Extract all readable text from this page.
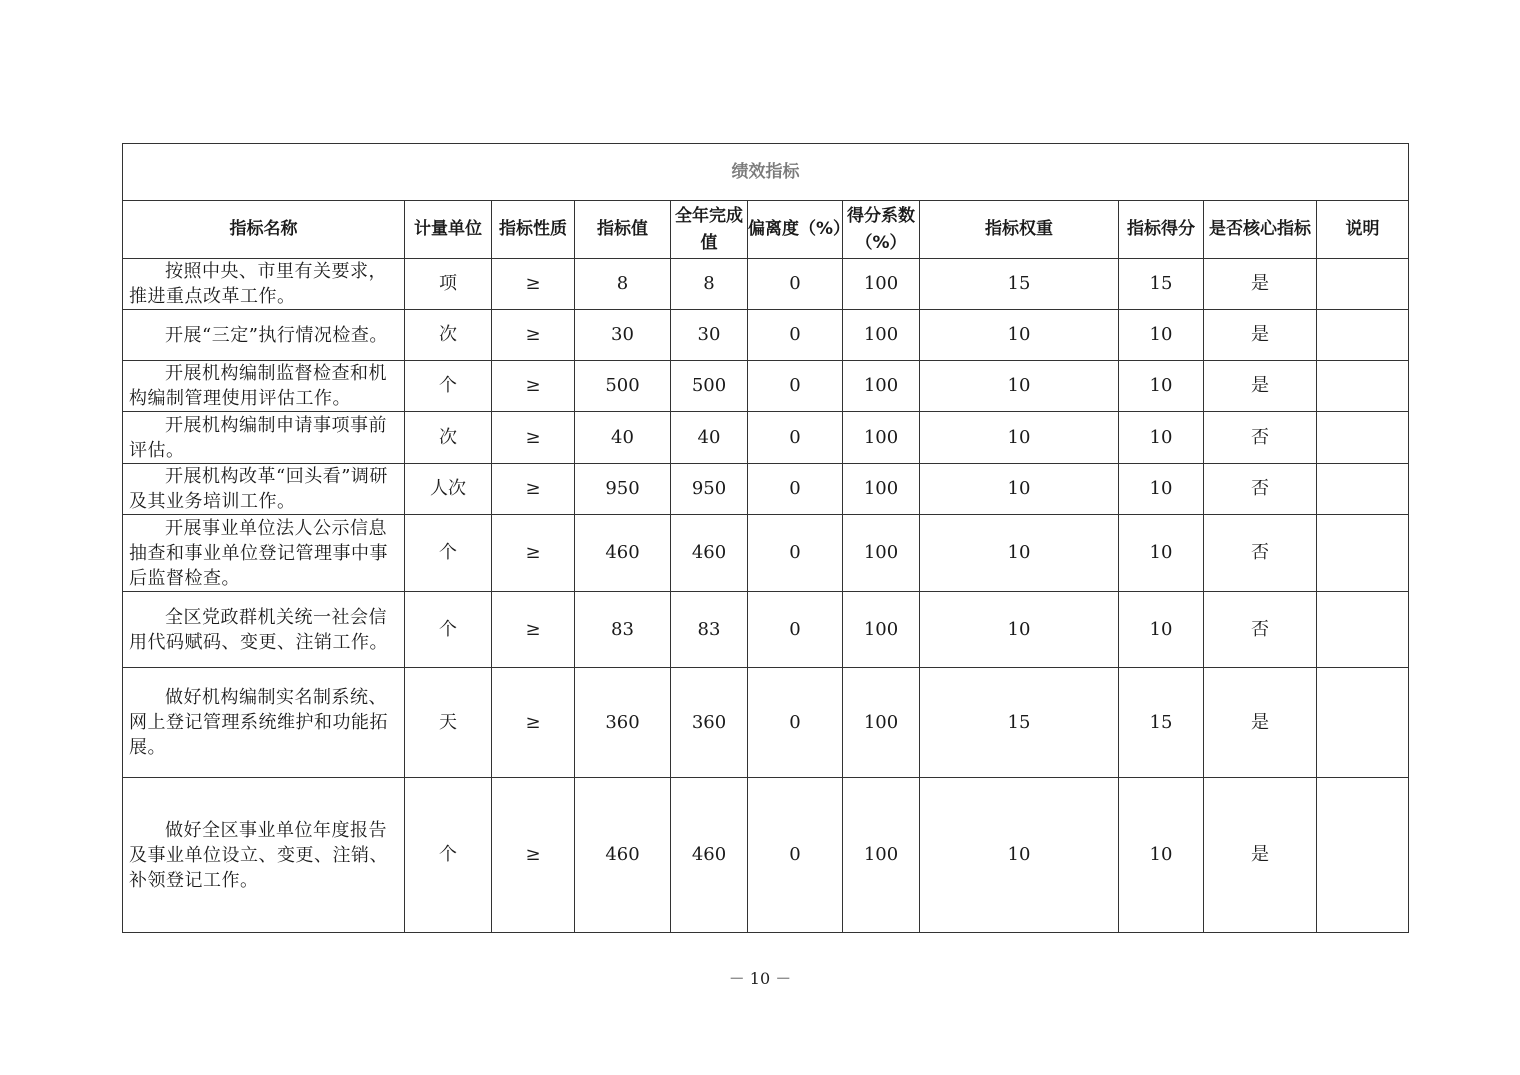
绩效指标										
指标名称	计量单位	指标性质	指标值	全年完成值	偏离度（%）	得分系数（%）	指标权重	指标得分	是否核心指标	说明

按照中央、市里有关要求，推进重点改革工作。	项	≥	8	8	0	100	15	15	是	

开展“三定”执行情况检查。	次	≥	30	30	0	100	10	10	是	

开展机构编制监督检查和机构编制管理使用评估工作。	个	≥	500	500	0	100	10	10	是	

开展机构编制申请事项事前评估。	次	≥	40	40	0	100	10	10	否	

开展机构改革“回头看”调研及其业务培训工作。	人次	≥	950	950	0	100	10	10	否	

开展事业单位法人公示信息抽查和事业单位登记管理事中事后监督检查。	个	≥	460	460	0	100	10	10	否	

全区党政群机关统一社会信用代码赋码、变更、注销工作。	个	≥	83	83	0	100	10	10	否	

做好机构编制实名制系统、网上登记管理系统维护和功能拓展。	天	≥	360	360	0	100	15	15	是	

做好全区事业单位年度报告及事业单位设立、变更、注销、补领登记工作。	个	≥	460	460	0	100	10	10	是	
－ 10 －
